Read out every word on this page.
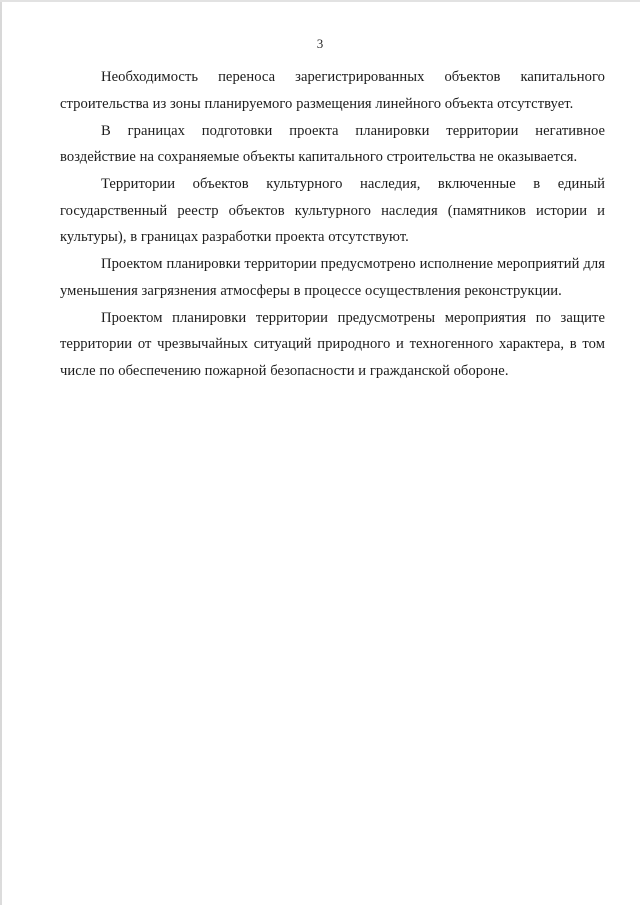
3

Необходимость переноса зарегистрированных объектов капитального строительства из зоны планируемого размещения линейного объекта отсутствует.

В границах подготовки проекта планировки территории негативное воздействие на сохраняемые объекты капитального строительства не оказывается.

Территории объектов культурного наследия, включенные в единый государственный реестр объектов культурного наследия (памятников истории и культуры), в границах разработки проекта отсутствуют.

Проектом планировки территории предусмотрено исполнение мероприятий для уменьшения загрязнения атмосферы в процессе осуществления реконструкции.

Проектом планировки территории предусмотрены мероприятия по защите территории от чрезвычайных ситуаций природного и техногенного характера, в том числе по обеспечению пожарной безопасности и гражданской обороне.
